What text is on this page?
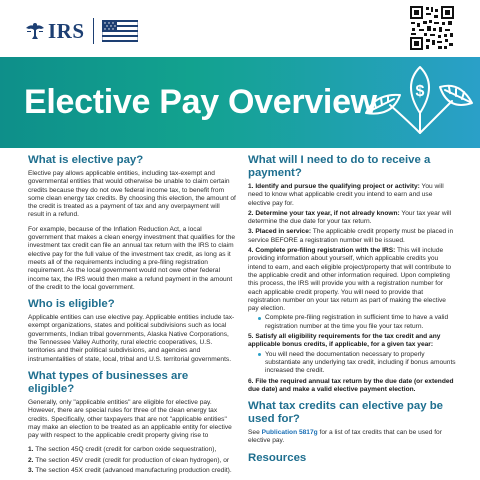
IRS
Elective Pay Overview $
What is elective pay?

Elective pay allows applicable entities, including tax-exempt and governmental entities that would otherwise be unable to claim certain credits because they do not owe federal income tax, to benefit from some clean energy tax credits. By choosing this election, the amount of the credit is treated as a payment of tax and any overpayment will result in a refund.

For example, because of the Inflation Reduction Act, a local government that makes a clean energy investment that qualifies for the investment tax credit can file an annual tax return with the IRS to claim elective pay for the full value of the investment tax credit, as long as it meets all of the requirements including a pre-filing registration requirement. As the local government would not owe other federal income tax, the IRS would then make a refund payment in the amount of the credit to the local government.

Who is eligible?

Applicable entities can use elective pay. Applicable entities include tax-exempt organizations, states and political subdivisions such as local governments, Indian tribal governments, Alaska Native Corporations, the Tennessee Valley Authority, rural electric cooperatives, U.S. territories and their political subdivisions, and agencies and instrumentalities of state, local, tribal and U.S. territorial governments.

What types of businesses are eligible?

Generally, only "applicable entities" are eligible for elective pay. However, there are special rules for three of the clean energy tax credits. Specifically, other taxpayers that are not "applicable entities" may make an election to be treated as an applicable entity for elective pay with respect to the applicable credit property giving rise to

1. The section 45Q credit (credit for carbon oxide sequestration),
2. The section 45V credit (credit for production of clean hydrogen), or
3. The section 45X credit (advanced manufacturing production credit).
What will I need to do to receive a payment?
1. Identify and pursue the qualifying project or activity: You will need to know what applicable credit you intend to earn and use elective pay for.
2. Determine your tax year, if not already known: Your tax year will determine the due date for your tax return.
3. Placed in service: The applicable credit property must be placed in service BEFORE a registration number will be issued.
4. Complete pre-filing registration with the IRS: This will include providing information about yourself, which applicable credits you intend to earn, and each eligible project/property that will contribute to the applicable credit and other information required. Upon completing this process, the IRS will provide you with a registration number for each applicable credit property. You will need to provide that registration number on your tax return as part of making the elective pay election.
Complete pre-filing registration in sufficient time to have a valid registration number at the time you file your tax return.
5. Satisfy all eligibility requirements for the tax credit and any applicable bonus credits, if applicable, for a given tax year:
You will need the documentation necessary to properly substantiate any underlying tax credit, including if bonus amounts increased the credit.
6. File the required annual tax return by the due date (or extended due date) and make a valid elective payment election.
What tax credits can elective pay be used for?

See Publication 5817g for a list of tax credits that can be used for elective pay.

Resources
